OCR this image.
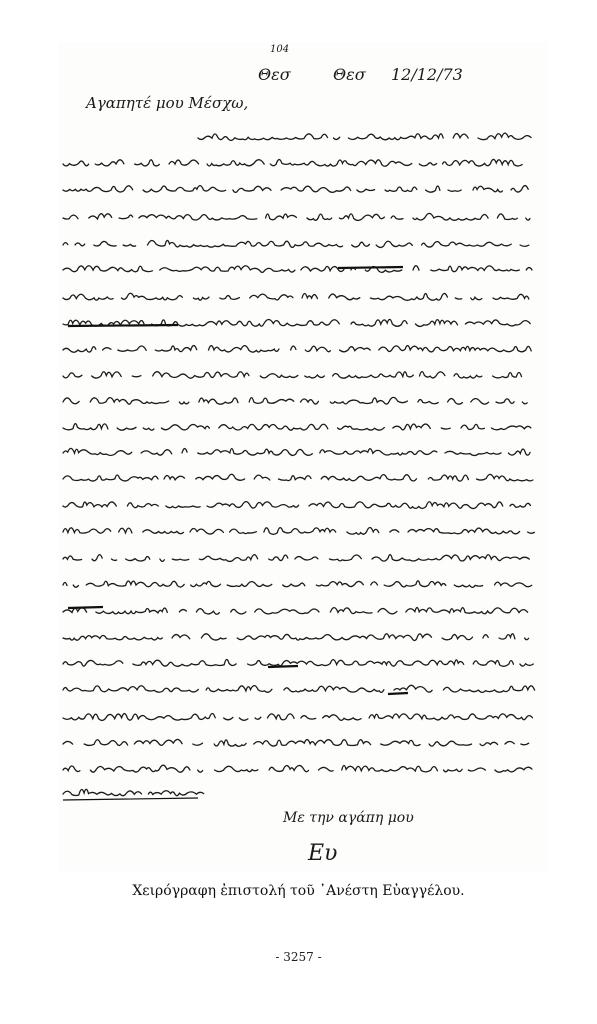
104
Θεσ	Θεσ 12/12/73
Αγαπητέ μου Μέσχω,
Με την αγάπη μου
Ευ
Χειρόγραφη ἐπιστολή τοῦ ᾽Ανέστη Εὐαγγέλου.
- 3257 -
